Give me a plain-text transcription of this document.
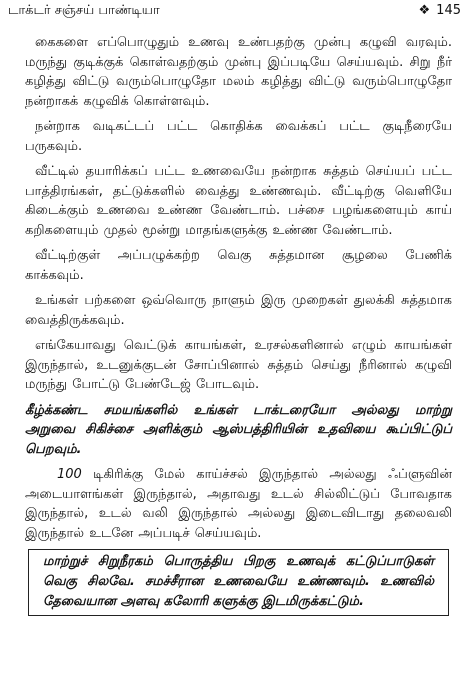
டாக்டர் சஞ்சய் பாண்டியா	❖ 145

கைகளை எப்பொழுதும் உணவு உண்பதற்கு முன்பு கழுவி வரவும். மருந்து குடிக்குக் கொள்வதற்கும் முன்பு இப்படியே செய்யவும். சிறு நீர் கழித்து விட்டு வரும்பொழுதோ மலம் கழித்து விட்டு வரும்பொழுதோ நன்றாகக் கழுவிக் கொள்ளவும்.

நன்றாக வடிகட்டப் பட்ட கொதிக்க வைக்கப் பட்ட குடிநீரையே பருகவும்.

வீட்டில் தயாரிக்கப் பட்ட உணவையே நன்றாக சுத்தம் செய்யப் பட்ட பாத்திரங்கள், தட்டுக்களில் வைத்து உண்ணவும். வீட்டிற்கு வெளியே கிடைக்கும் உணவை உண்ண வேண்டாம். பச்சை பழங்களையும் காய் கறிகளையும் முதல் மூன்று மாதங்களுக்கு உண்ண வேண்டாம்.

வீட்டிற்குள் அப்பழுக்கற்ற வெகு சுத்தமான சூழலை பேணிக் காக்கவும்.

உங்கள் பற்களை ஒவ்வொரு நாளும் இரு முறைகள் துலக்கி சுத்தமாக வைத்திருக்கவும்.

எங்கேயாவது வெட்டுக் காயங்கள், உரசல்களினால் எழும் காயங்கள் இருந்தால், உடனுக்குடன் சோப்பினால் சுத்தம் செய்து நீரினால் கழுவி மருந்து போட்டு பேண்டேஜ் போடவும்.

கீழ்க்கண்ட சமயங்களில் உங்கள் டாக்டரையோ அல்லது மாற்று அறுவை சிகிச்சை அளிக்கும் ஆஸ்பத்திரியின் உதவியை கூப்பிட்டுப் பெறவும்.

100 டிகிரிக்கு மேல் காய்ச்சல் இருந்தால் அல்லது ஃப்ளுவின் அடையாளங்கள் இருந்தால், அதாவது உடல் சில்லிட்டுப் போவதாக இருந்தால், உடல் வலி இருந்தால் அல்லது இடைவிடாது தலைவலி இருந்தால் உடனே அப்படிச் செய்யவும்.

மாற்றுச் சிறுநீரகம் பொருத்திய பிறகு உணவுக் கட்டுப்பாடுகள் வெகு சிலவே. சமச்சீரான உணவையே உண்ணவும். உணவில் தேவையான அளவு கலோரி களுக்கு இடமிருக்கட்டும்.
